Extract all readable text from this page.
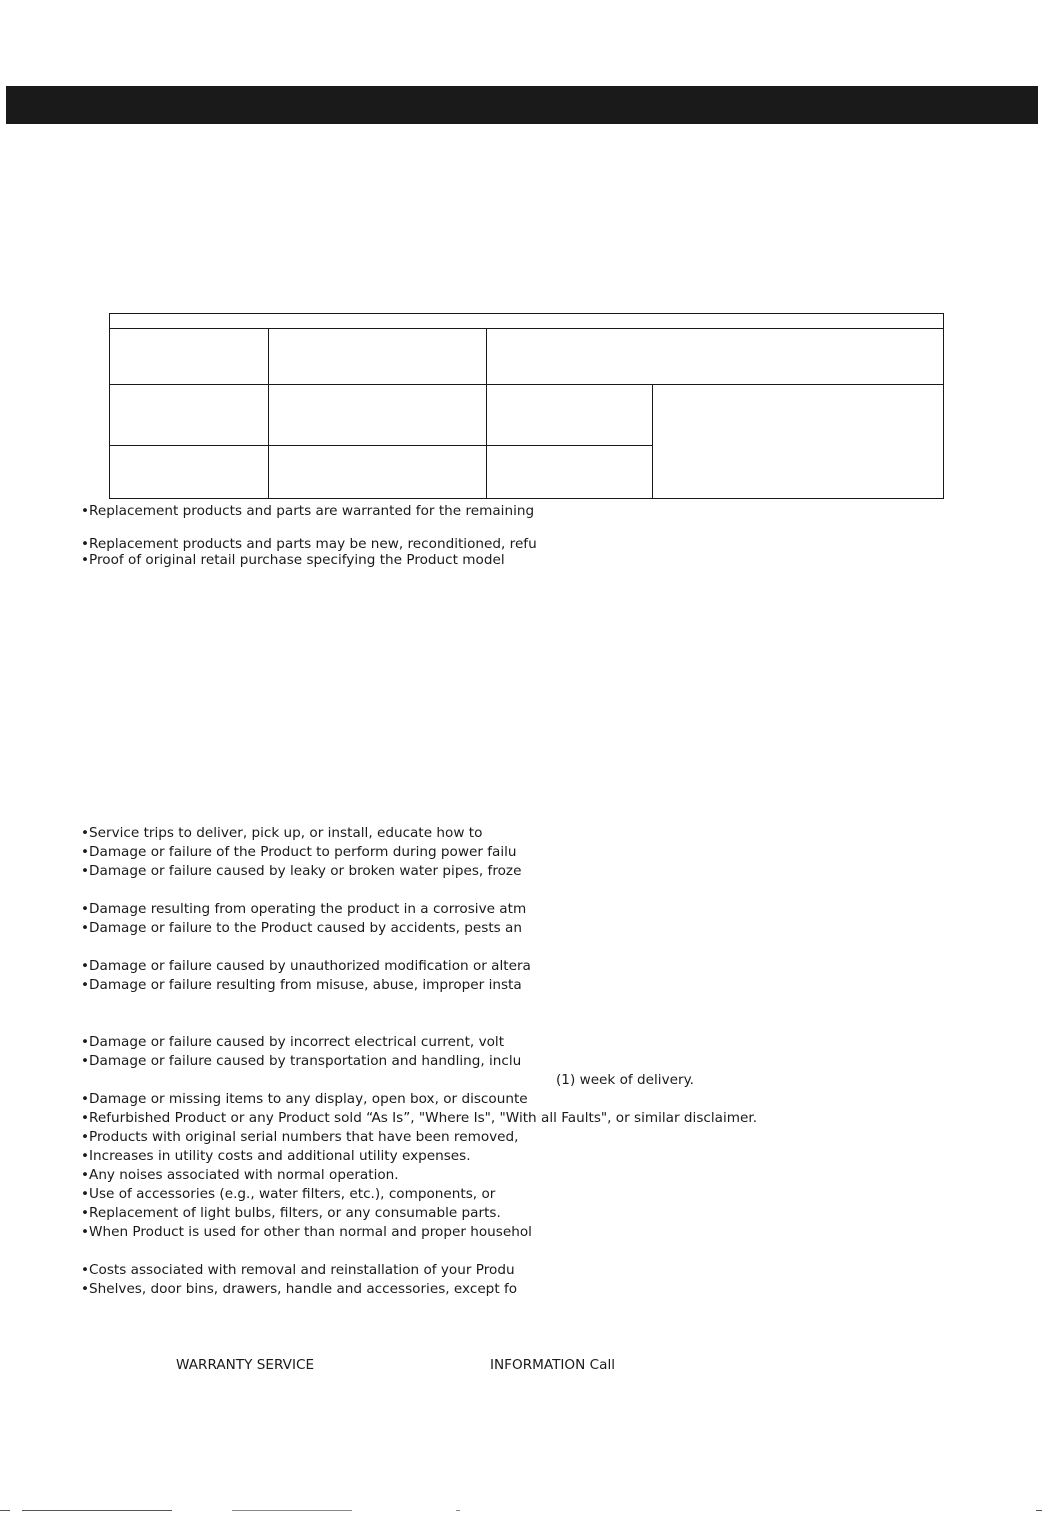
•Replacement products and parts are warranted for the remaining
•Replacement products and parts may be new, reconditioned, refu
•Proof of original retail purchase specifying the Product model
•Service trips to deliver, pick up, or install, educate how to
•Damage or failure of the Product to perform during power failu
•Damage or failure caused by leaky or broken water pipes, froze
•Damage resulting from operating the product in a corrosive atm
•Damage or failure to the Product caused by accidents, pests an
•Damage or failure caused by unauthorized modification or altera
•Damage or failure resulting from misuse, abuse, improper insta
•Damage or failure caused by incorrect electrical current, volt
•Damage or failure caused by transportation and handling, inclu
(1) week of delivery.
•Damage or missing items to any display, open box, or discounte
•Refurbished Product or any Product sold “As Is”, "Where Is", "With all Faults", or similar disclaimer.
•Products with original serial numbers that have been removed,
•Increases in utility costs and additional utility expenses.
•Any noises associated with normal operation.
•Use of accessories (e.g., water filters, etc.), components, or
•Replacement of light bulbs, filters, or any consumable parts.
•When Product is used for other than normal and proper househol
•Costs associated with removal and reinstallation of your Produ
•Shelves, door bins, drawers, handle and accessories, except fo
WARRANTY SERVICE	INFORMATION Call
